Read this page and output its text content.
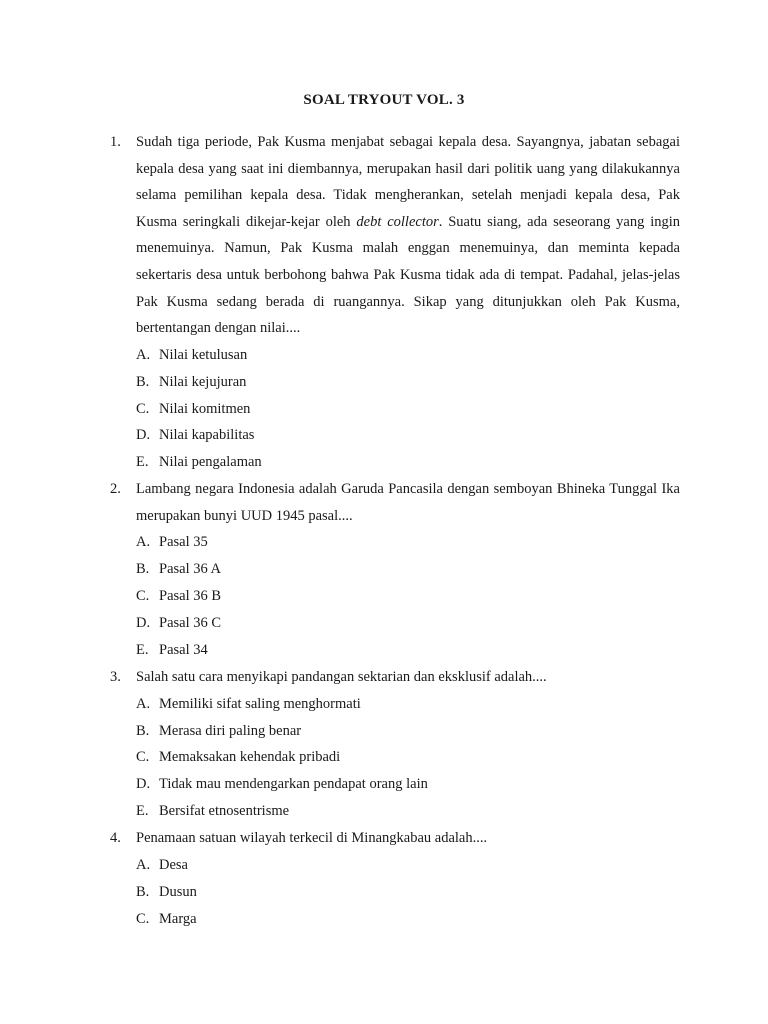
SOAL TRYOUT VOL. 3
1. Sudah tiga periode, Pak Kusma menjabat sebagai kepala desa. Sayangnya, jabatan sebagai kepala desa yang saat ini diembannya, merupakan hasil dari politik uang yang dilakukannya selama pemilihan kepala desa. Tidak mengherankan, setelah menjadi kepala desa, Pak Kusma seringkali dikejar-kejar oleh debt collector. Suatu siang, ada seseorang yang ingin menemuinya. Namun, Pak Kusma malah enggan menemuinya, dan meminta kepada sekertaris desa untuk berbohong bahwa Pak Kusma tidak ada di tempat. Padahal, jelas-jelas Pak Kusma sedang berada di ruangannya. Sikap yang ditunjukkan oleh Pak Kusma, bertentangan dengan nilai....
A. Nilai ketulusan
B. Nilai kejujuran
C. Nilai komitmen
D. Nilai kapabilitas
E. Nilai pengalaman
2. Lambang negara Indonesia adalah Garuda Pancasila dengan semboyan Bhineka Tunggal Ika merupakan bunyi UUD 1945 pasal....
A. Pasal 35
B. Pasal 36 A
C. Pasal 36 B
D. Pasal 36 C
E. Pasal 34
3. Salah satu cara menyikapi pandangan sektarian dan eksklusif adalah....
A. Memiliki sifat saling menghormati
B. Merasa diri paling benar
C. Memaksakan kehendak pribadi
D. Tidak mau mendengarkan pendapat orang lain
E. Bersifat etnosentrisme
4. Penamaan satuan wilayah terkecil di Minangkabau adalah....
A. Desa
B. Dusun
C. Marga
